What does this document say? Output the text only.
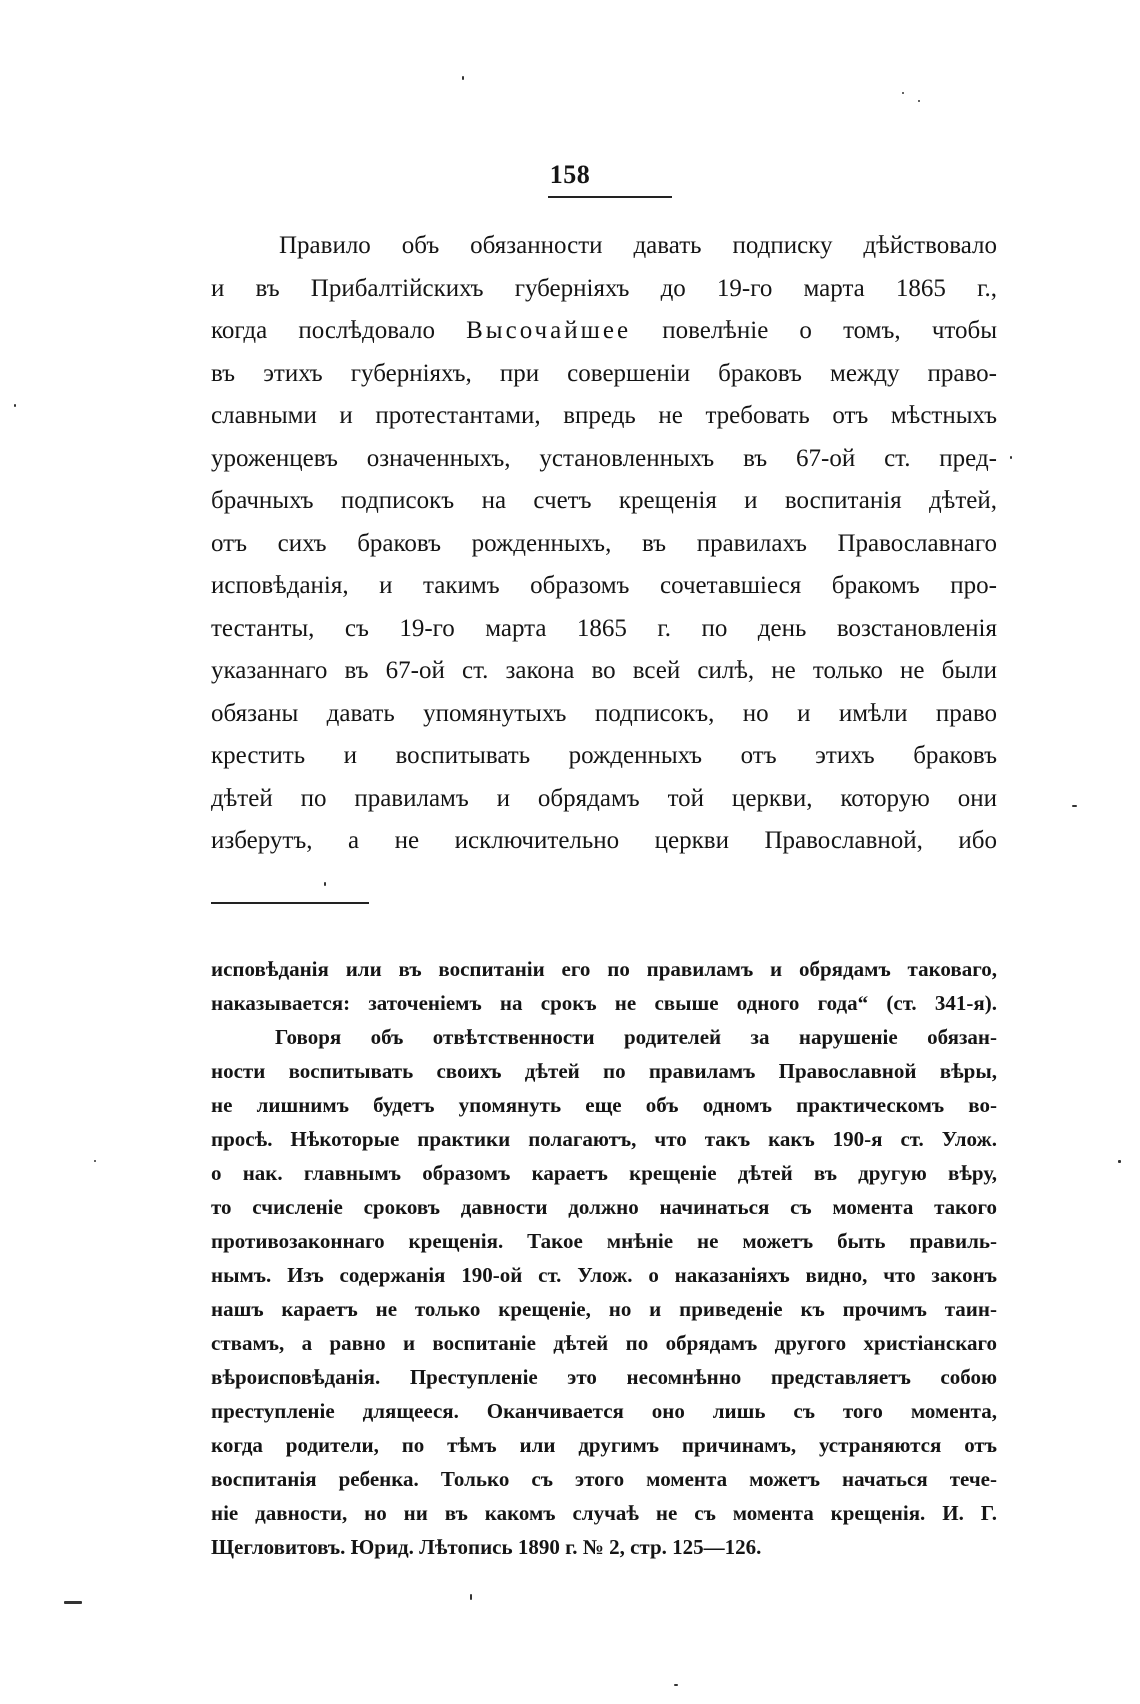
158
Правило объ обязанности давать подписку дѣйствовало
и въ Прибалтійскихъ губерніяхъ до 19-го марта 1865 г.,
когда послѣдовало Высочайшее повелѣніе о томъ, чтобы
въ этихъ губерніяхъ, при совершеніи браковъ между право-
славными и протестантами, впредь не требовать отъ мѣстныхъ
уроженцевъ означенныхъ, установленныхъ въ 67-ой ст. пред-
брачныхъ подписокъ на счетъ крещенія и воспитанія дѣтей,
отъ сихъ браковъ рожденныхъ, въ правилахъ Православнаго
исповѣданія, и такимъ образомъ сочетавшіеся бракомъ про-
тестанты, съ 19-го марта 1865 г. по день возстановленія
указаннаго въ 67-ой ст. закона во всей силѣ, не только не были
обязаны давать упомянутыхъ подписокъ, но и имѣли право
крестить и воспитывать рожденныхъ отъ этихъ браковъ
дѣтей по правиламъ и обрядамъ той церкви, которую они
изберутъ, а не исключительно церкви Православной, ибо
исповѣданія или въ воспитаніи его по правиламъ и обрядамъ таковаго,
наказывается: заточеніемъ на срокъ не свыше одного года“ (ст. 341-я).
Говоря объ отвѣтственности родителей за нарушеніе обязан-
ности воспитывать своихъ дѣтей по правиламъ Православной вѣры,
не лишнимъ будетъ упомянуть еще объ одномъ практическомъ во-
просѣ. Нѣкоторые практики полагаютъ, что такъ какъ 190-я ст. Улож.
о нак. главнымъ образомъ караетъ крещеніе дѣтей въ другую вѣру,
то счисленіе сроковъ давности должно начинаться съ момента такого
противозаконнаго крещенія. Такое мнѣніе не можетъ быть правиль-
нымъ. Изъ содержанія 190-ой ст. Улож. о наказаніяхъ видно, что законъ
нашъ караетъ не только крещеніе, но и приведеніе къ прочимъ таин-
ствамъ, а равно и воспитаніе дѣтей по обрядамъ другого христіанскаго
вѣроисповѣданія. Преступленіе это несомнѣнно представляетъ собою
преступленіе длящееся. Оканчивается оно лишь съ того момента,
когда родители, по тѣмъ или другимъ причинамъ, устраняются отъ
воспитанія ребенка. Только съ этого момента можетъ начаться тече-
ніе давности, но ни въ какомъ случаѣ не съ момента крещенія. И. Г.
Щегловитовъ. Юрид. Лѣтопись 1890 г. № 2, стр. 125—126.
